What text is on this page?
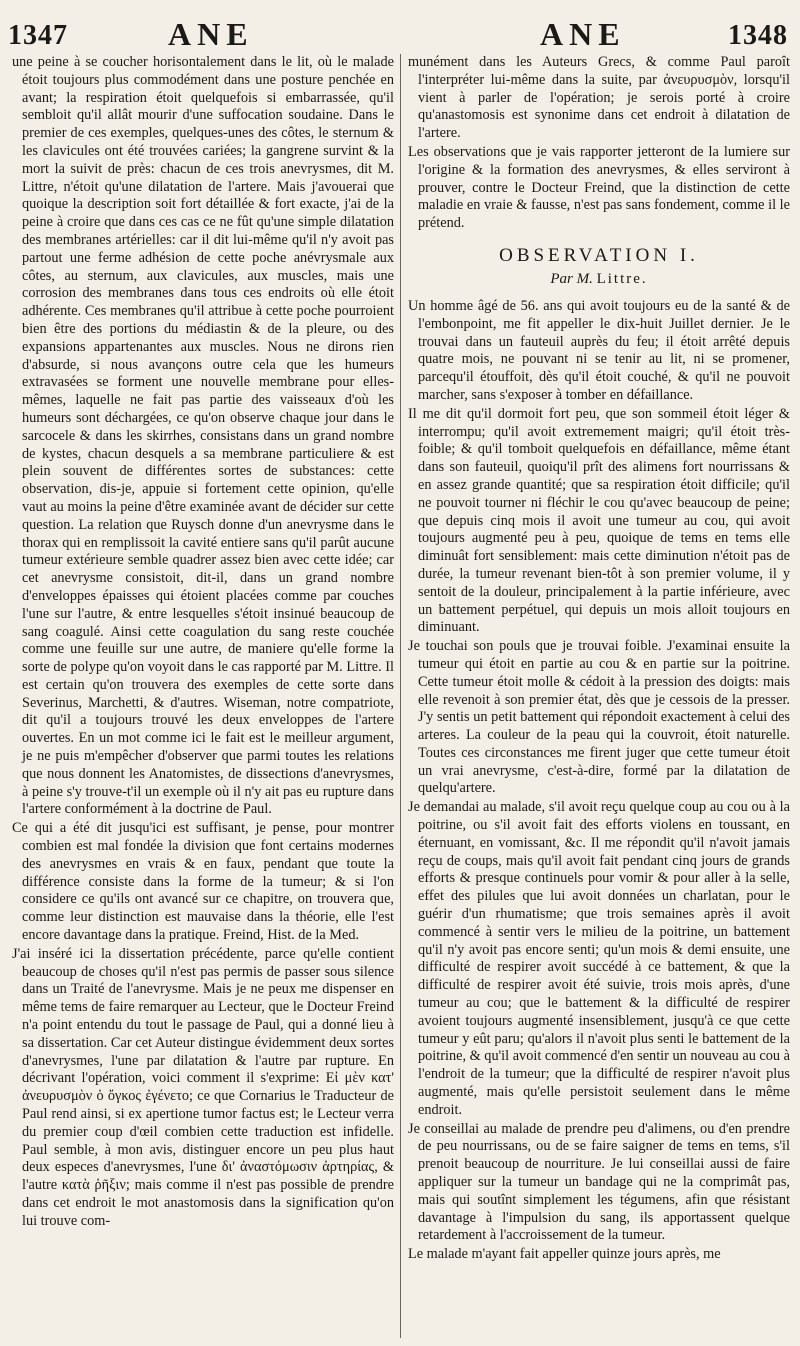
1347	ANE	ANE	1348

une peine à se coucher horisontalement dans le lit, où le malade étoit toujours plus commodément dans une posture penchée en avant; la respiration étoit quelquefois si embarrassée, qu'il sembloit qu'il allât mourir d'une suffocation soudaine. Dans le premier de ces exemples, quelques-unes des côtes, le sternum & les clavicules ont été trouvées cariées; la gangrene survint & la mort la suivit de près: chacun de ces trois anevrysmes, dit M. Littre, n'étoit qu'une dilatation de l'artere. Mais j'avouerai que quoique la description soit fort détaillée & fort exacte, j'ai de la peine à croire que dans ces cas ce ne fût qu'une simple dilatation des membranes artérielles: car il dit lui-même qu'il n'y avoit pas partout une ferme adhésion de cette poche anévrysmale aux côtes, au sternum, aux clavicules, aux muscles, mais une corrosion des membranes dans tous ces endroits où elle étoit adhérente. Ces membranes qu'il attribue à cette poche pourroient bien être des portions du médiastin & de la pleure, ou des expansions appartenantes aux muscles. Nous ne dirons rien d'absurde, si nous avançons outre cela que les humeurs extravasées se forment une nouvelle membrane pour elles-mêmes, laquelle ne fait pas partie des vaisseaux d'où les humeurs sont déchargées, ce qu'on observe chaque jour dans le sarcocele & dans les skirrhes, consistans dans un grand nombre de kystes, chacun desquels a sa membrane particuliere & est plein souvent de différentes sortes de substances: cette observation, dis-je, appuie si fortement cette opinion, qu'elle vaut au moins la peine d'être examinée avant de décider sur cette question. La relation que Ruysch donne d'un anevrysme dans le thorax qui en remplissoit la cavité entiere sans qu'il parût aucune tumeur extérieure semble quadrer assez bien avec cette idée; car cet anevrysme consistoit, dit-il, dans un grand nombre d'enveloppes épaisses qui étoient placées comme par couches l'une sur l'autre, & entre lesquelles s'étoit insinué beaucoup de sang coagulé. Ainsi cette coagulation du sang reste couchée comme une feuille sur une autre, de maniere qu'elle forme la sorte de polype qu'on voyoit dans le cas rapporté par M. Littre. Il est certain qu'on trouvera des exemples de cette sorte dans Severinus, Marchetti, & d'autres. Wiseman, notre compatriote, dit qu'il a toujours trouvé les deux enveloppes de l'artere ouvertes. En un mot comme ici le fait est le meilleur argument, je ne puis m'empêcher d'observer que parmi toutes les relations que nous donnent les Anatomistes, de dissections d'anevrysmes, à peine s'y trouve-t'il un exemple où il n'y ait pas eu rupture dans l'artere conformément à la doctrine de Paul.

Ce qui a été dit jusqu'ici est suffisant, je pense, pour montrer combien est mal fondée la division que font certains modernes des anevrysmes en vrais & en faux, pendant que toute la différence consiste dans la forme de la tumeur; & si l'on considere ce qu'ils ont avancé sur ce chapitre, on trouvera que, comme leur distinction est mauvaise dans la théorie, elle l'est encore davantage dans la pratique. Freind, Hist. de la Med.

J'ai inséré ici la dissertation précédente, parce qu'elle contient beaucoup de choses qu'il n'est pas permis de passer sous silence dans un Traité de l'anevrysme. Mais je ne peux me dispenser en même tems de faire remarquer au Lecteur, que le Docteur Freind n'a point entendu du tout le passage de Paul, qui a donné lieu à sa dissertation. Car cet Auteur distingue évidemment deux sortes d'anevrysmes, l'une par dilatation & l'autre par rupture. En décrivant l'opération, voici comment il s'exprime: Εἰ μὲν κατ' ἀνευρυσμὸν ὁ ὄγκος ἐγένετο; ce que Cornarius le Traducteur de Paul rend ainsi, si ex apertione tumor factus est; le Lecteur verra du premier coup d'œil combien cette traduction est infidelle. Paul semble, à mon avis, distinguer encore un peu plus haut deux especes d'anevrysmes, l'une δι' ἀναστόμωσιν ἀρτηρίας, & l'autre κατὰ ῥῆξιν; mais comme il n'est pas possible de prendre dans cet endroit le mot anastomosis dans la signification qu'on lui trouve com-

munément dans les Auteurs Grecs, & comme Paul paroît l'interpréter lui-même dans la suite, par ἀνευρυσμὸν, lorsqu'il vient à parler de l'opération; je serois porté à croire qu'anastomosis est synonime dans cet endroit à dilatation de l'artere.

Les observations que je vais rapporter jetteront de la lumiere sur l'origine & la formation des anevrysmes, & elles serviront à prouver, contre le Docteur Freind, que la distinction de cette maladie en vraie & fausse, n'est pas sans fondement, comme il le prétend.

OBSERVATION I.
Par M. Littre.

Un homme âgé de 56. ans qui avoit toujours eu de la santé & de l'embonpoint, me fit appeller le dix-huit Juillet dernier. Je le trouvai dans un fauteuil auprès du feu; il étoit arrêté depuis quatre mois, ne pouvant ni se tenir au lit, ni se promener, parcequ'il étouffoit, dès qu'il étoit couché, & qu'il ne pouvoit marcher, sans s'exposer à tomber en défaillance.

Il me dit qu'il dormoit fort peu, que son sommeil étoit léger & interrompu; qu'il avoit extremement maigri; qu'il étoit très-foible; & qu'il tomboit quelquefois en défaillance, même étant dans son fauteuil, quoiqu'il prît des alimens fort nourrissans & en assez grande quantité; que sa respiration étoit difficile; qu'il ne pouvoit tourner ni fléchir le cou qu'avec beaucoup de peine; que depuis cinq mois il avoit une tumeur au cou, qui avoit toujours augmenté peu à peu, quoique de tems en tems elle diminuât fort sensiblement: mais cette diminution n'étoit pas de durée, la tumeur revenant bien-tôt à son premier volume, il y sentoit de la douleur, principalement à la partie inférieure, avec un battement perpétuel, qui depuis un mois alloit toujours en diminuant.

Je touchai son pouls que je trouvai foible. J'examinai ensuite la tumeur qui étoit en partie au cou & en partie sur la poitrine. Cette tumeur étoit molle & cédoit à la pression des doigts: mais elle revenoit à son premier état, dès que je cessois de la presser. J'y sentis un petit battement qui répondoit exactement à celui des arteres. La couleur de la peau qui la couvroit, étoit naturelle. Toutes ces circonstances me firent juger que cette tumeur étoit un vrai anevrysme, c'est-à-dire, formé par la dilatation de quelqu'artere.

Je demandai au malade, s'il avoit reçu quelque coup au cou ou à la poitrine, ou s'il avoit fait des efforts violens en toussant, en éternuant, en vomissant, &c. Il me répondit qu'il n'avoit jamais reçu de coups, mais qu'il avoit fait pendant cinq jours de grands efforts & presque continuels pour vomir & pour aller à la selle, effet des pilules que lui avoit données un charlatan, pour le guérir d'un rhumatisme; que trois semaines après il avoit commencé à sentir vers le milieu de la poitrine, un battement qu'il n'y avoit pas encore senti; qu'un mois & demi ensuite, une difficulté de respirer avoit succédé à ce battement, & que la difficulté de respirer avoit été suivie, trois mois après, d'une tumeur au cou; que le battement & la difficulté de respirer avoient toujours augmenté insensiblement, jusqu'à ce que cette tumeur y eût paru; qu'alors il n'avoit plus senti le battement de la poitrine, & qu'il avoit commencé d'en sentir un nouveau au cou à l'endroit de la tumeur; que la difficulté de respirer n'avoit plus augmenté, mais qu'elle persistoit seulement dans le même endroit.

Je conseillai au malade de prendre peu d'alimens, ou d'en prendre de peu nourrissans, ou de se faire saigner de tems en tems, s'il prenoit beaucoup de nourriture. Je lui conseillai aussi de faire appliquer sur la tumeur un bandage qui ne la comprimât pas, mais qui soutînt simplement les tégumens, afin que résistant davantage à l'impulsion du sang, ils apportassent quelque retardement à l'accroissement de la tumeur.

Le malade m'ayant fait appeller quinze jours après, me
